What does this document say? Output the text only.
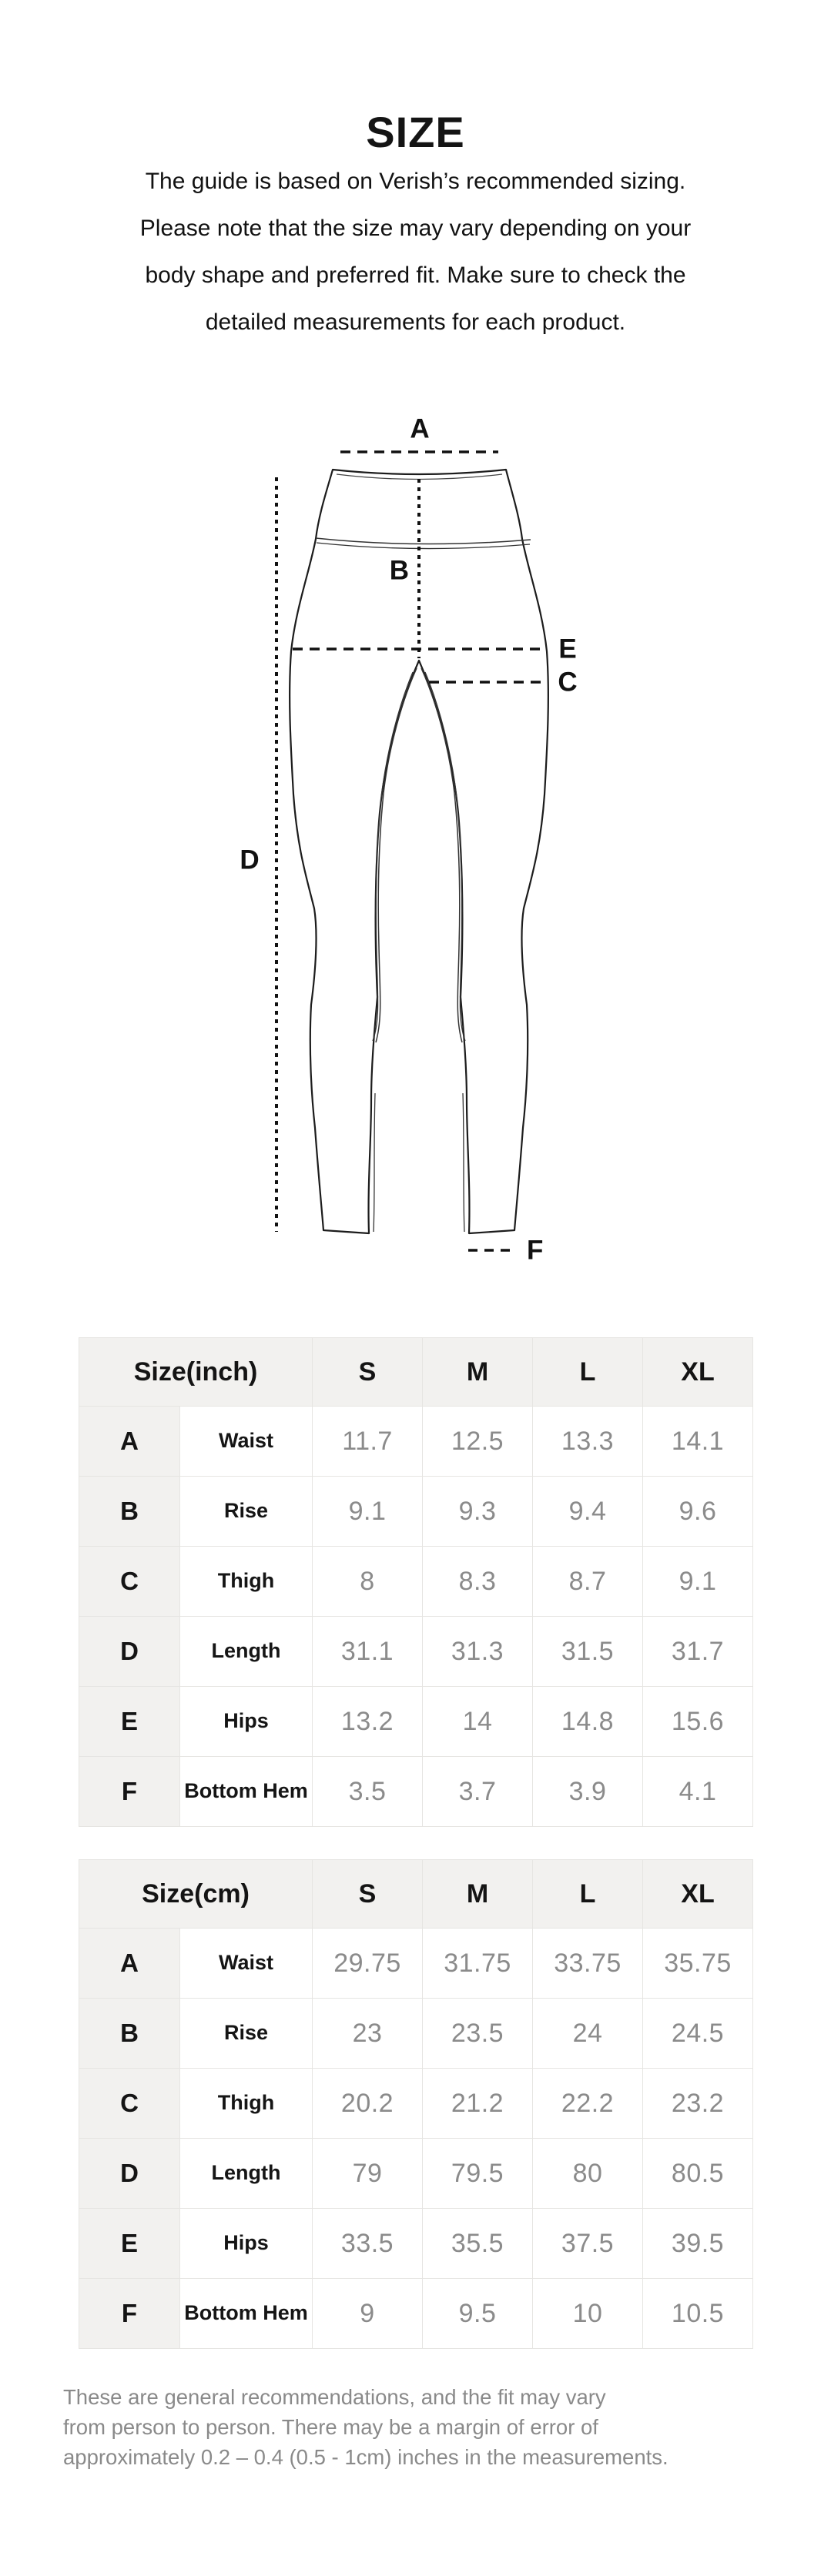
SIZE
The guide is based on Verish’s recommended sizing.
Please note that the size may vary depending on your
body shape and preferred fit. Make sure to check the
detailed measurements for each product.
A
B
E
C
D
F
Size(inch)		S	M	L	XL
A	Waist	11.7	12.5	13.3	14.1
B	Rise	9.1	9.3	9.4	9.6
C	Thigh	8	8.3	8.7	9.1
D	Length	31.1	31.3	31.5	31.7
E	Hips	13.2	14	14.8	15.6
F	Bottom Hem	3.5	3.7	3.9	4.1
Size(cm)		S	M	L	XL
A	Waist	29.75	31.75	33.75	35.75
B	Rise	23	23.5	24	24.5
C	Thigh	20.2	21.2	22.2	23.2
D	Length	79	79.5	80	80.5
E	Hips	33.5	35.5	37.5	39.5
F	Bottom Hem	9	9.5	10	10.5
These are general recommendations, and the fit may vary
from person to person. There may be a margin of error of
approximately 0.2 – 0.4 (0.5 - 1cm) inches in the measurements.
